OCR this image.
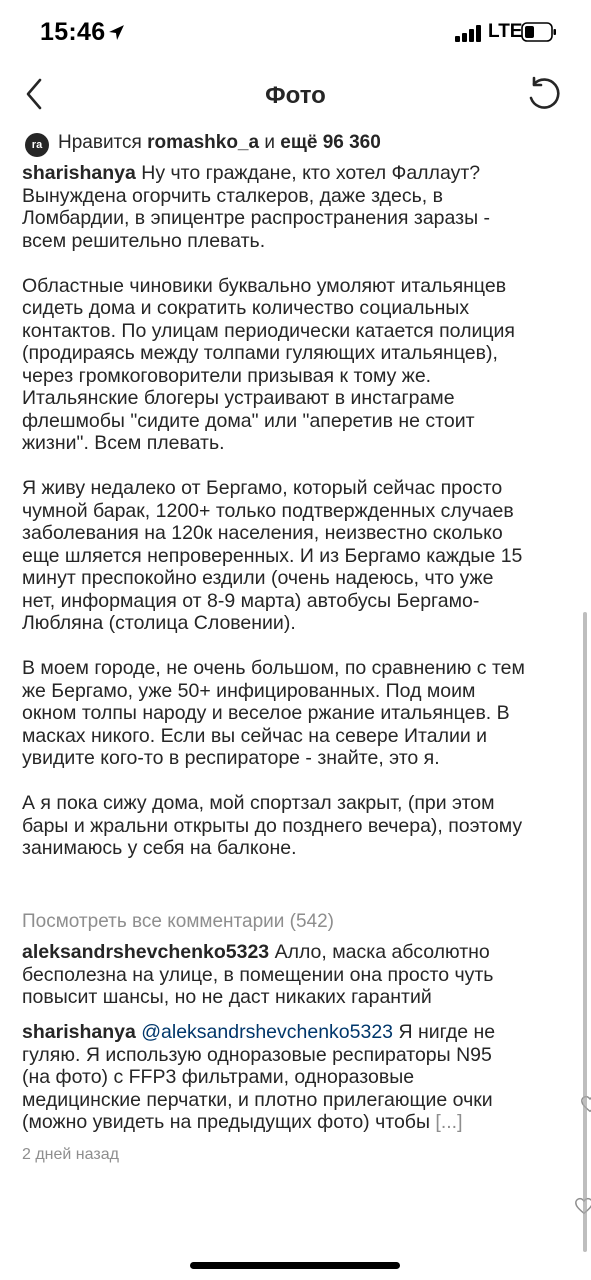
15:46	LTE
Фото
ra Нравится romashko_a и ещё 96 360
sharishanya Ну что граждане, кто хотел Фаллаут?
Вынуждена огорчить сталкеров, даже здесь, в
Ломбардии, в эпицентре распространения заразы -
всем решительно плевать.
Областные чиновики буквально умоляют итальянцев
сидеть дома и сократить количество социальных
контактов. По улицам периодически катается полиция
(продираясь между толпами гуляющих итальянцев),
через громкоговорители призывая к тому же.
Итальянские блогеры устраивают в инстаграме
флешмобы "сидите дома" или "аперетив не стоит
жизни". Всем плевать.
Я живу недалеко от Бергамо, который сейчас просто
чумной барак, 1200+ только подтвержденных случаев
заболевания на 120к населения, неизвестно сколько
еще шляется непроверенных. И из Бергамо каждые 15
минут преспокойно ездили (очень надеюсь, что уже
нет, информация от 8-9 марта) автобусы Бергамо-
Любляна (столица Словении).
В моем городе, не очень большом, по сравнению с тем
же Бергамо, уже 50+ инфицированных. Под моим
окном толпы народу и веселое ржание итальянцев. В
масках никого. Если вы сейчас на севере Италии и
увидите кого-то в респираторе - знайте, это я.
А я пока сижу дома, мой спортзал закрыт, (при этом
бары и жральни открыты до позднего вечера), поэтому
занимаюсь у себя на балконе.
Посмотреть все комментарии (542)
aleksandrshevchenko5323 Алло, маска абсолютно
бесполезна на улице, в помещении она просто чуть
повысит шансы, но не даст никаких гарантий
sharishanya @aleksandrshevchenko5323 Я нигде не
гуляю. Я использую одноразовые респираторы N95
(на фото) с FFP3 фильтрами, одноразовые
медицинские перчатки, и плотно прилегающие очки
(можно увидеть на предыдущих фото) чтобы [...]
2 дней назад
